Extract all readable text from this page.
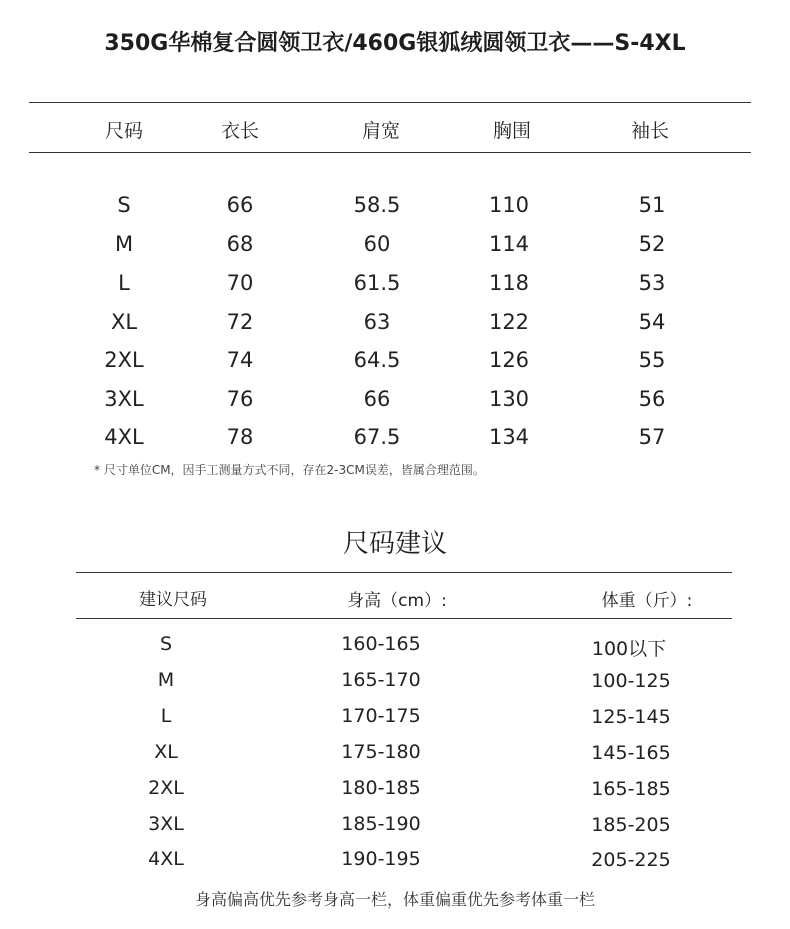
350G华棉复合圆领卫衣/460G银狐绒圆领卫衣——S-4XL
尺码	衣长	肩宽	胸围	袖长
S	66	58.5	110	51
M	68	60	114	52
L	70	61.5	118	53
XL	72	63	122	54
2XL	74	64.5	126	55
3XL	76	66	130	56
4XL	78	67.5	134	57
* 尺寸单位CM，因手工测量方式不同，存在2-3CM误差，皆属合理范围。
尺码建议
建议尺码	身高（cm）:	体重（斤）:
S	160-165	100以下
M	165-170	100-125
L	170-175	125-145
XL	175-180	145-165
2XL	180-185	165-185
3XL	185-190	185-205
4XL	190-195	205-225
身高偏高优先参考身高一栏，体重偏重优先参考体重一栏
